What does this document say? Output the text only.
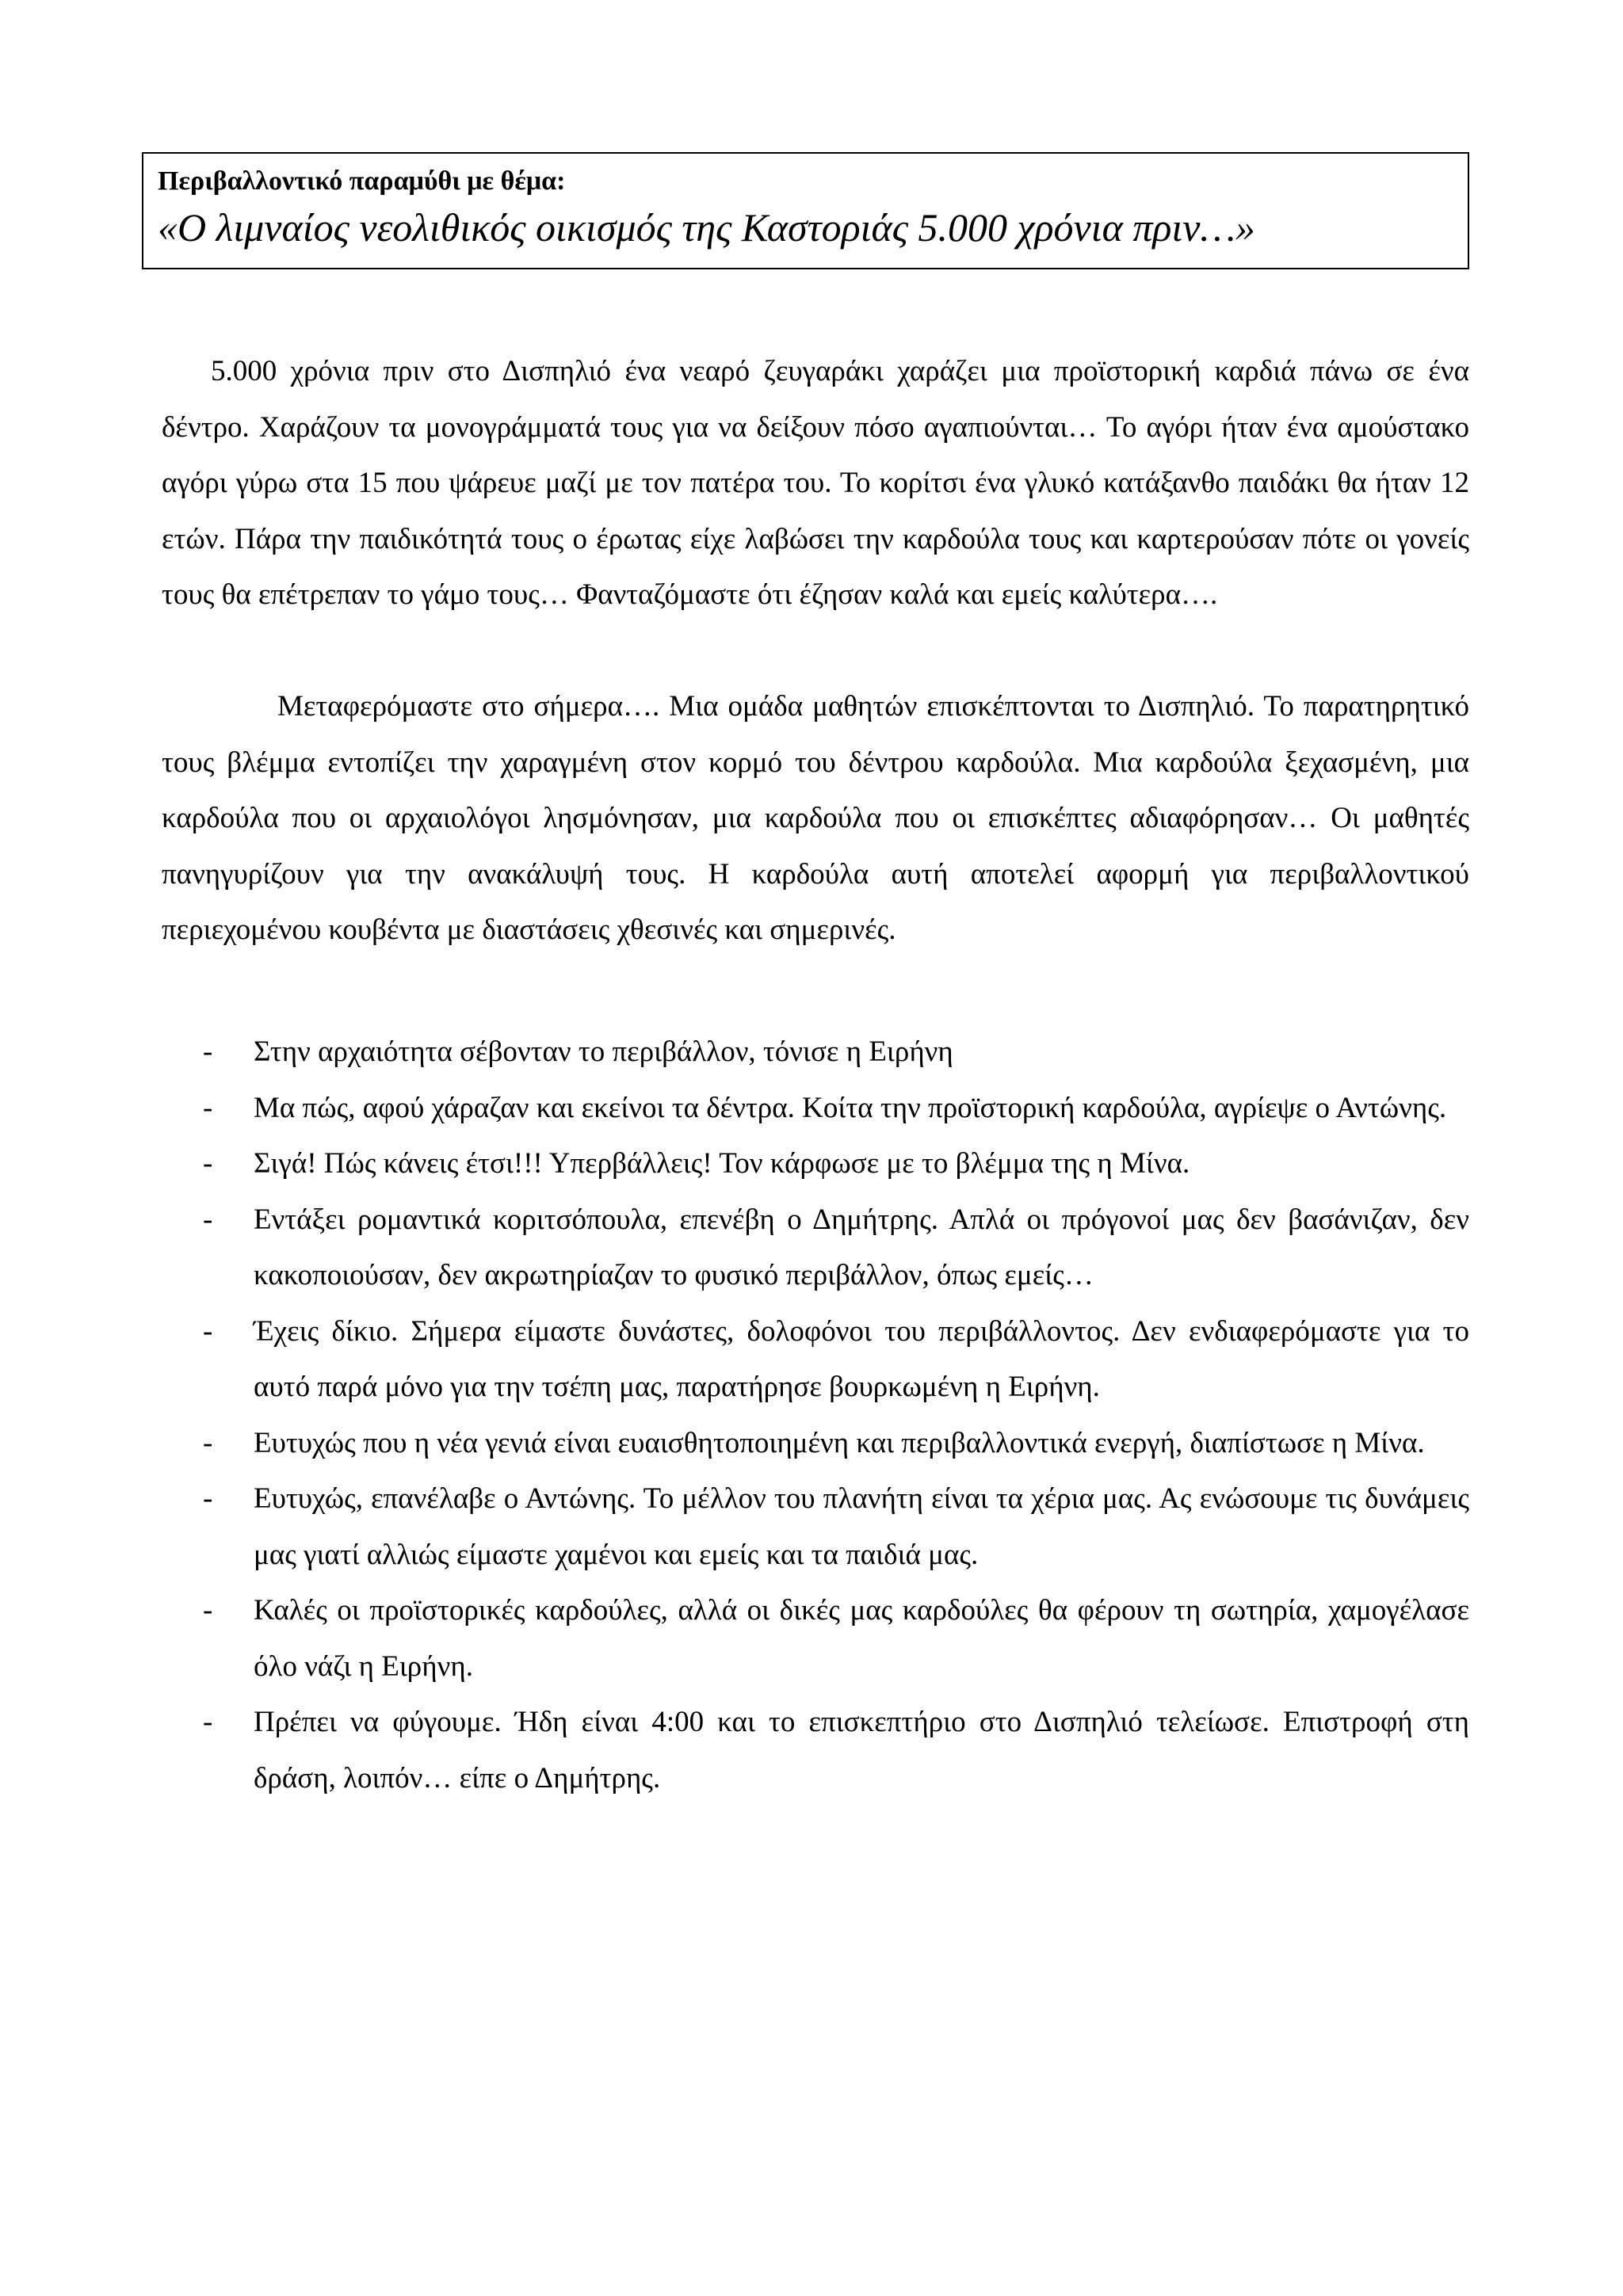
Περιβαλλοντικό παραμύθι με θέμα:

«Ο λιμναίος νεολιθικός οικισμός της Καστοριάς 5.000 χρόνια πριν…»

5.000 χρόνια πριν στο Δισπηλιό ένα νεαρό ζευγαράκι χαράζει μια προϊστορική καρδιά πάνω σε ένα δέντρο. Χαράζουν τα μονογράμματά τους για να δείξουν πόσο αγαπιούνται… Το αγόρι ήταν ένα αμούστακο αγόρι γύρω στα 15 που ψάρευε μαζί με τον πατέρα του. Το κορίτσι ένα γλυκό κατάξανθο παιδάκι θα ήταν 12 ετών. Πάρα την παιδικότητά τους ο έρωτας είχε λαβώσει την καρδούλα τους και καρτερούσαν πότε οι γονείς τους θα επέτρεπαν το γάμο τους… Φανταζόμαστε ότι έζησαν καλά και εμείς καλύτερα….

Μεταφερόμαστε στο σήμερα…. Μια ομάδα μαθητών επισκέπτονται το Δισπηλιό. Το παρατηρητικό τους βλέμμα εντοπίζει την χαραγμένη στον κορμό του δέντρου καρδούλα. Μια καρδούλα ξεχασμένη, μια καρδούλα που οι αρχαιολόγοι λησμόνησαν, μια καρδούλα που οι επισκέπτες αδιαφόρησαν… Οι μαθητές πανηγυρίζουν για την ανακάλυψή τους. Η καρδούλα αυτή αποτελεί αφορμή για περιβαλλοντικού περιεχομένου κουβέντα με διαστάσεις χθεσινές και σημερινές.

- Στην αρχαιότητα σέβονταν το περιβάλλον, τόνισε η Ειρήνη
- Μα πώς, αφού χάραζαν και εκείνοι τα δέντρα. Κοίτα την προϊστορική καρδούλα, αγρίεψε ο Αντώνης.
- Σιγά! Πώς κάνεις έτσι!!! Υπερβάλλεις! Τον κάρφωσε με το βλέμμα της η Μίνα.
- Εντάξει ρομαντικά κοριτσόπουλα, επενέβη ο Δημήτρης. Απλά οι πρόγονοί μας δεν βασάνιζαν, δεν κακοποιούσαν, δεν ακρωτηρίαζαν το φυσικό περιβάλλον, όπως εμείς…
- Έχεις δίκιο. Σήμερα είμαστε δυνάστες, δολοφόνοι του περιβάλλοντος. Δεν ενδιαφερόμαστε για το αυτό παρά μόνο για την τσέπη μας, παρατήρησε βουρκωμένη η Ειρήνη.
- Ευτυχώς που η νέα γενιά είναι ευαισθητοποιημένη και περιβαλλοντικά ενεργή, διαπίστωσε η Μίνα.
- Ευτυχώς, επανέλαβε ο Αντώνης. Το μέλλον του πλανήτη είναι τα χέρια μας. Ας ενώσουμε τις δυνάμεις μας γιατί αλλιώς είμαστε χαμένοι και εμείς και τα παιδιά μας.
- Καλές οι προϊστορικές καρδούλες, αλλά οι δικές μας καρδούλες θα φέρουν τη σωτηρία, χαμογέλασε όλο νάζι η Ειρήνη.
- Πρέπει να φύγουμε. Ήδη είναι 4:00 και το επισκεπτήριο στο Δισπηλιό τελείωσε. Επιστροφή στη δράση, λοιπόν… είπε ο Δημήτρης.
